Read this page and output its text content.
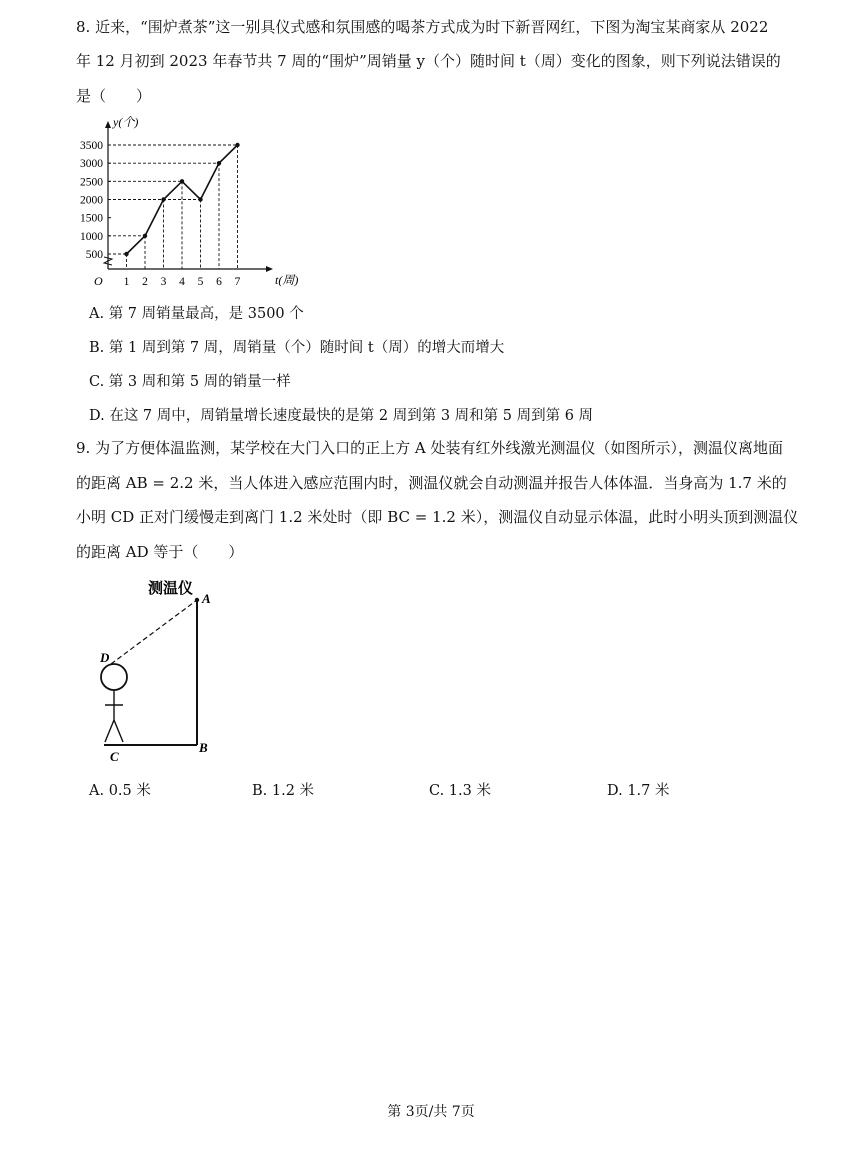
8. 近来，“围炉煮茶”这一别具仪式感和氛围感的喝茶方式成为时下新晋网红，下图为淘宝某商家从 2022
年 12 月初到 2023 年春节共 7 周的“围炉”周销量 y（个）随时间 t（周）变化的图象，则下列说法错误的
是（　　）
y(个)
t(周)
O
500
1000
1500
2000
2500
3000
3500
1 2 3 4 5 6 7
A. 第 7 周销量最高，是 3500 个
B. 第 1 周到第 7 周，周销量（个）随时间 t（周）的增大而增大
C. 第 3 周和第 5 周的销量一样
D. 在这 7 周中，周销量增长速度最快的是第 2 周到第 3 周和第 5 周到第 6 周
9. 为了方便体温监测，某学校在大门入口的正上方 A 处装有红外线激光测温仪（如图所示），测温仪离地面
的距离 AB = 2.2 米，当人体进入感应范围内时，测温仪就会自动测温并报告人体体温．当身高为 1.7 米的
小明 CD 正对门缓慢走到离门 1.2 米处时（即 BC = 1.2 米），测温仪自动显示体温，此时小明头顶到测温仪
的距离 AD 等于（　　）
测温仪
A
B
D
C
A. 0.5 米	B. 1.2 米	C. 1.3 米	D. 1.7 米
第 3页/共 7页
